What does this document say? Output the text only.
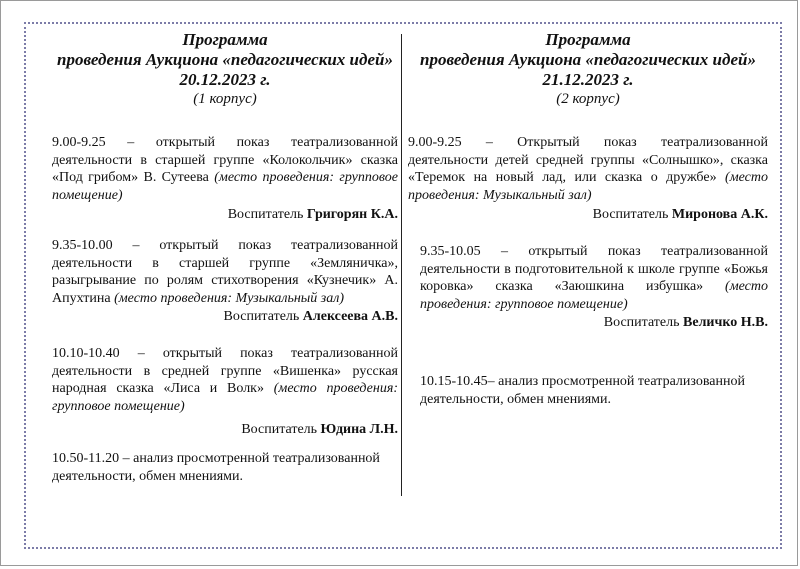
Программа
проведения Аукциона «педагогических идей»
20.12.2023 г.
(1 корпус)
9.00-9.25 – открытый показ театрализованной деятельности в старшей группе «Колокольчик» сказка «Под грибом» В. Сутеева (место проведения: групповое помещение)
Воспитатель Григорян К.А.
9.35-10.00 – открытый показ театрализованной деятельности в старшей группе «Земляничка», разыгрывание по ролям стихотворения «Кузнечик» А. Апухтина (место проведения: Музыкальный зал)
Воспитатель Алексеева А.В.
10.10-10.40 – открытый показ театрализованной деятельности в средней группе «Вишенка» русская народная сказка «Лиса и Волк» (место проведения: групповое помещение)
Воспитатель Юдина Л.Н.
10.50-11.20 – анализ просмотренной театрализованной деятельности, обмен мнениями.
Программа
проведения Аукциона «педагогических идей»
21.12.2023 г.
(2 корпус)
9.00-9.25 – Открытый показ театрализованной деятельности детей средней группы «Солнышко», сказка «Теремок на новый лад, или сказка о дружбе» (место проведения: Музыкальный зал)
Воспитатель Миронова А.К.
9.35-10.05 – открытый показ театрализованной деятельности в подготовительной к школе группе «Божья коровка» сказка «Заюшкина избушка» (место проведения: групповое помещение)
Воспитатель Величко Н.В.
10.15-10.45– анализ просмотренной театрализованной деятельности, обмен мнениями.
